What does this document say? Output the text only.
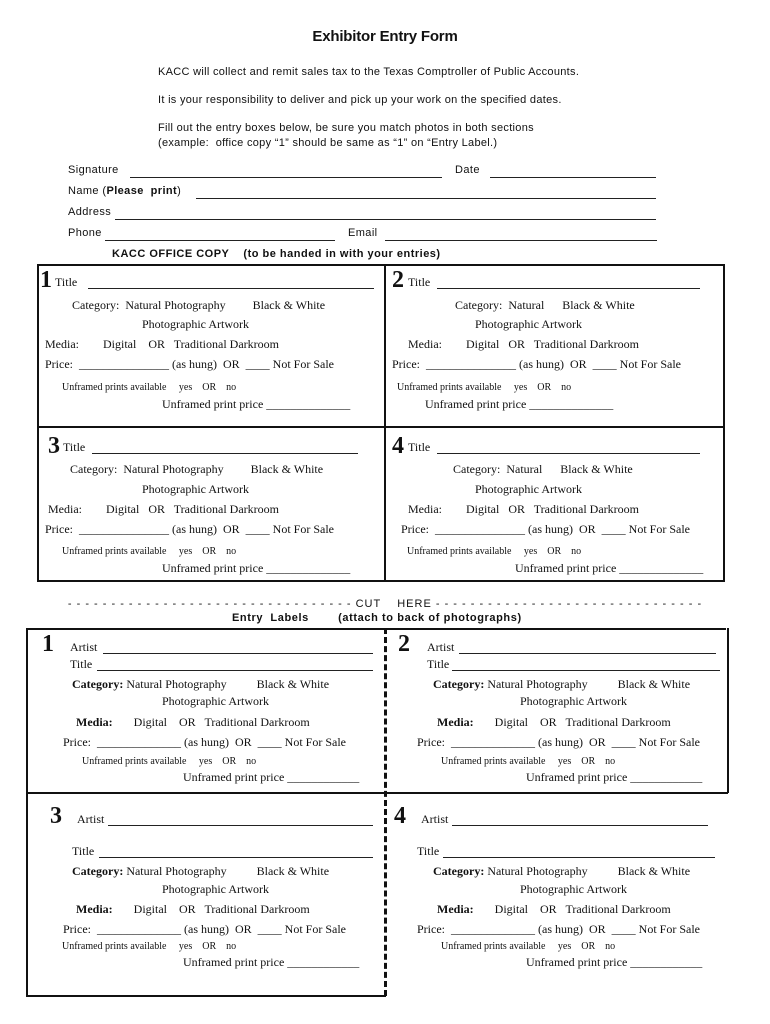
Exhibitor Entry Form
KACC will collect and remit sales tax to the Texas Comptroller of Public Accounts.
It is your responsibility to deliver and pick up your work on the specified dates.
Fill out the entry boxes below, be sure you match photos in both sections
(example:  office copy “1” should be same as “1” on “Entry Label.)
Signature	Date
Name (Please  print)
Address
Phone	Email
KACC OFFICE COPY    (to be handed in with your entries)
1 Title
Category:  Natural Photography         Black & White
Photographic Artwork
Media:        Digital    OR   Traditional Darkroom
Price:  _______________ (as hung)  OR  ____ Not For Sale
Unframed prints available     yes    OR    no
Unframed print price ______________
2 Title
Category:  Natural      Black & White
Photographic Artwork
Media:        Digital   OR   Traditional Darkroom
Price:  _______________ (as hung)  OR  ____ Not For Sale
Unframed prints available     yes    OR    no
Unframed print price ______________
3 Title
Category:  Natural Photography         Black & White
Photographic Artwork
Media:        Digital   OR   Traditional Darkroom
Price:  _______________ (as hung)  OR  ____ Not For Sale
Unframed prints available     yes    OR    no
Unframed print price ______________
4 Title
Category:  Natural      Black & White
Photographic Artwork
Media:        Digital   OR   Traditional Darkroom
Price:  _______________ (as hung)  OR  ____ Not For Sale
Unframed prints available     yes    OR    no
Unframed print price ______________
- - - - - - - - - - - - - - - - - - - - - - - - - - - - - - - - - CUT    HERE - - - - - - - - - - - - - - - - - - - - - - - - - - - - - - -
Entry  Labels        (attach to back of photographs)
1 Artist
Title
Category: Natural Photography          Black & White
Photographic Artwork
Media:       Digital    OR   Traditional Darkroom
Price:  ______________ (as hung)  OR  ____ Not For Sale
Unframed prints available     yes    OR    no
Unframed print price ____________
2 Artist
Title
Category: Natural Photography          Black & White
Photographic Artwork
Media:       Digital    OR   Traditional Darkroom
Price:  ______________ (as hung)  OR  ____ Not For Sale
Unframed prints available     yes    OR    no
Unframed print price ____________
3 Artist
Title
Category: Natural Photography          Black & White
Photographic Artwork
Media:       Digital    OR   Traditional Darkroom
Price:  ______________ (as hung)  OR  ____ Not For Sale
Unframed prints available     yes    OR    no
Unframed print price ____________
4 Artist
Title
Category: Natural Photography          Black & White
Photographic Artwork
Media:       Digital    OR   Traditional Darkroom
Price:  ______________ (as hung)  OR  ____ Not For Sale
Unframed prints available     yes    OR    no
Unframed print price ____________
